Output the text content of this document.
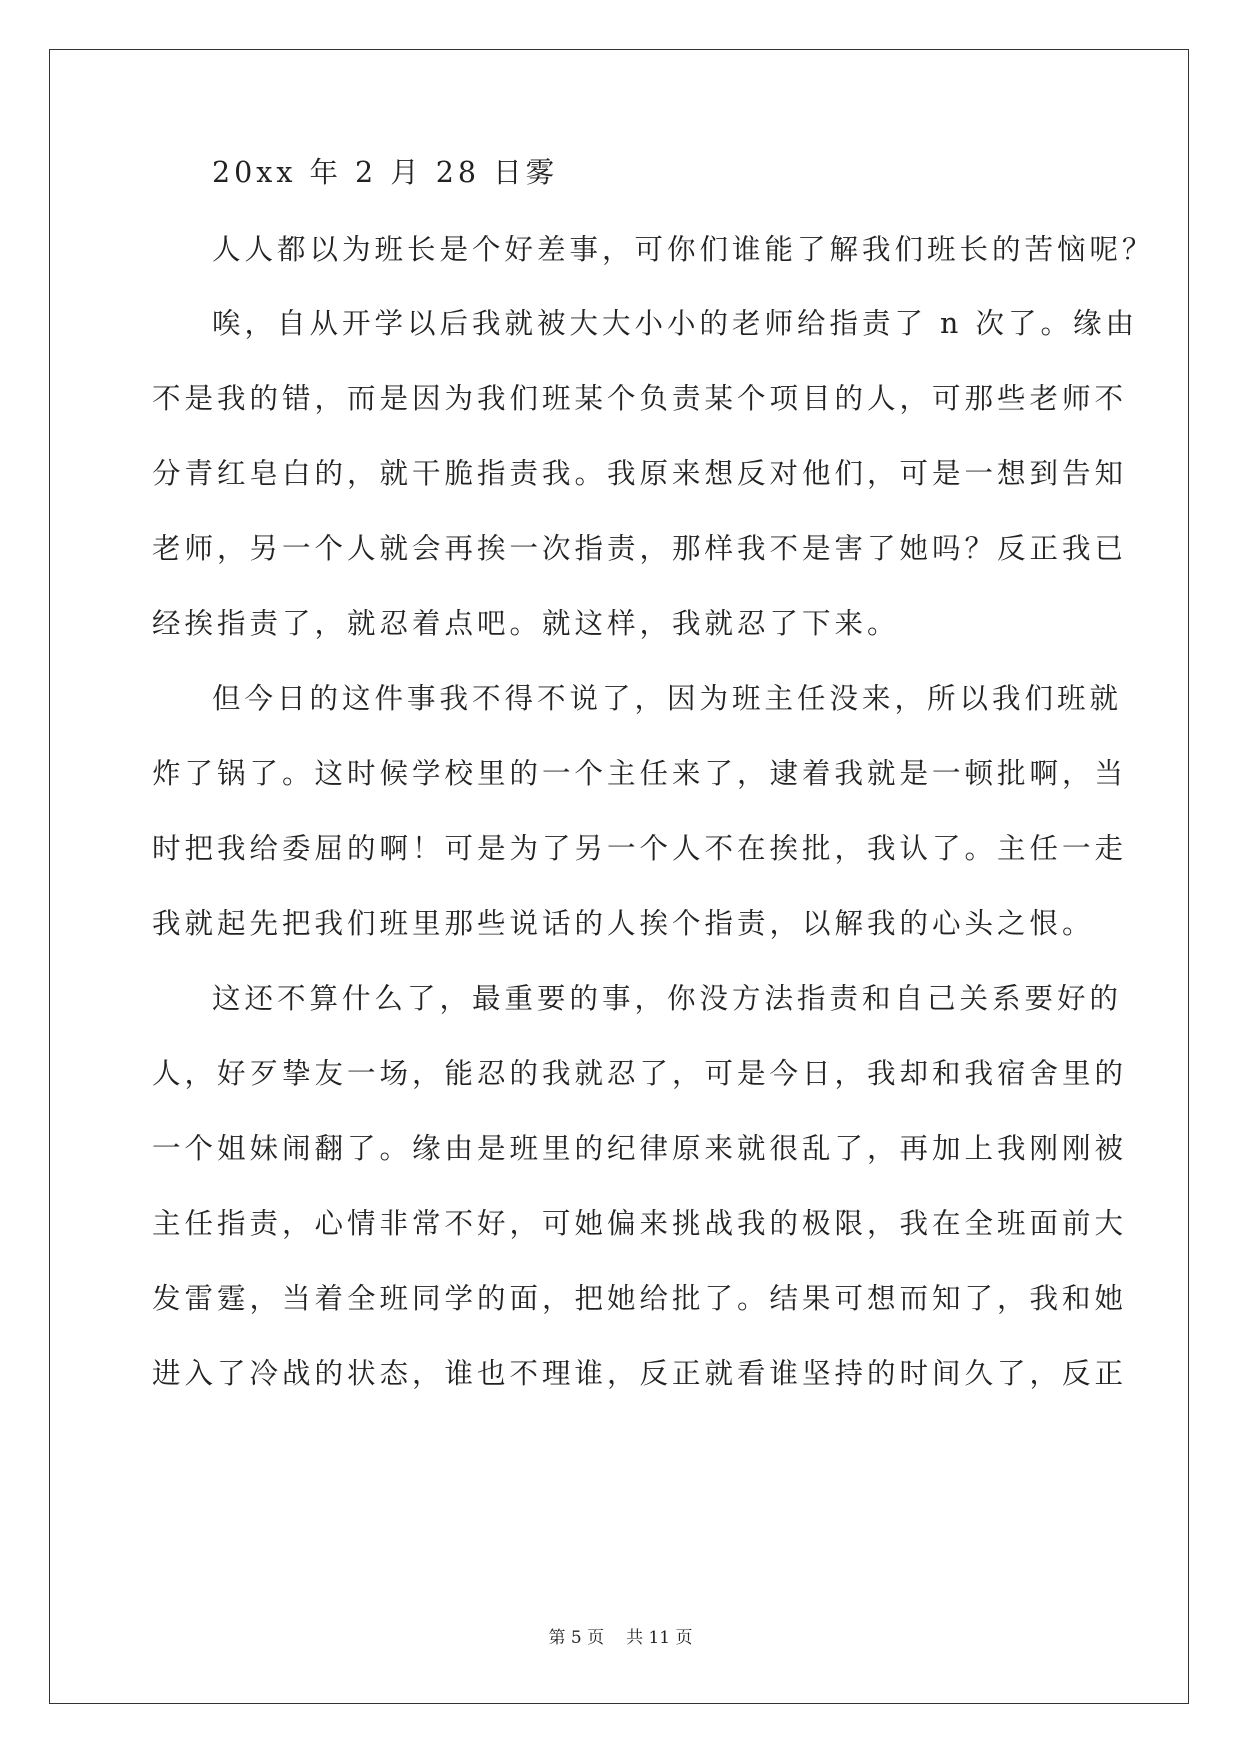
20xx 年 2 月 28 日雾
人人都以为班长是个好差事，可你们谁能了解我们班长的苦恼呢？
唉，自从开学以后我就被大大小小的老师给指责了 n 次了。缘由
不是我的错，而是因为我们班某个负责某个项目的人，可那些老师不
分青红皂白的，就干脆指责我。我原来想反对他们，可是一想到告知
老师，另一个人就会再挨一次指责，那样我不是害了她吗？反正我已
经挨指责了，就忍着点吧。就这样，我就忍了下来。
但今日的这件事我不得不说了，因为班主任没来，所以我们班就
炸了锅了。这时候学校里的一个主任来了，逮着我就是一顿批啊，当
时把我给委屈的啊！可是为了另一个人不在挨批，我认了。主任一走
我就起先把我们班里那些说话的人挨个指责，以解我的心头之恨。
这还不算什么了，最重要的事，你没方法指责和自己关系要好的
人，好歹挚友一场，能忍的我就忍了，可是今日，我却和我宿舍里的
一个姐妹闹翻了。缘由是班里的纪律原来就很乱了，再加上我刚刚被
主任指责，心情非常不好，可她偏来挑战我的极限，我在全班面前大
发雷霆，当着全班同学的面，把她给批了。结果可想而知了，我和她
进入了冷战的状态，谁也不理谁，反正就看谁坚持的时间久了，反正
第 5 页 共 11 页
